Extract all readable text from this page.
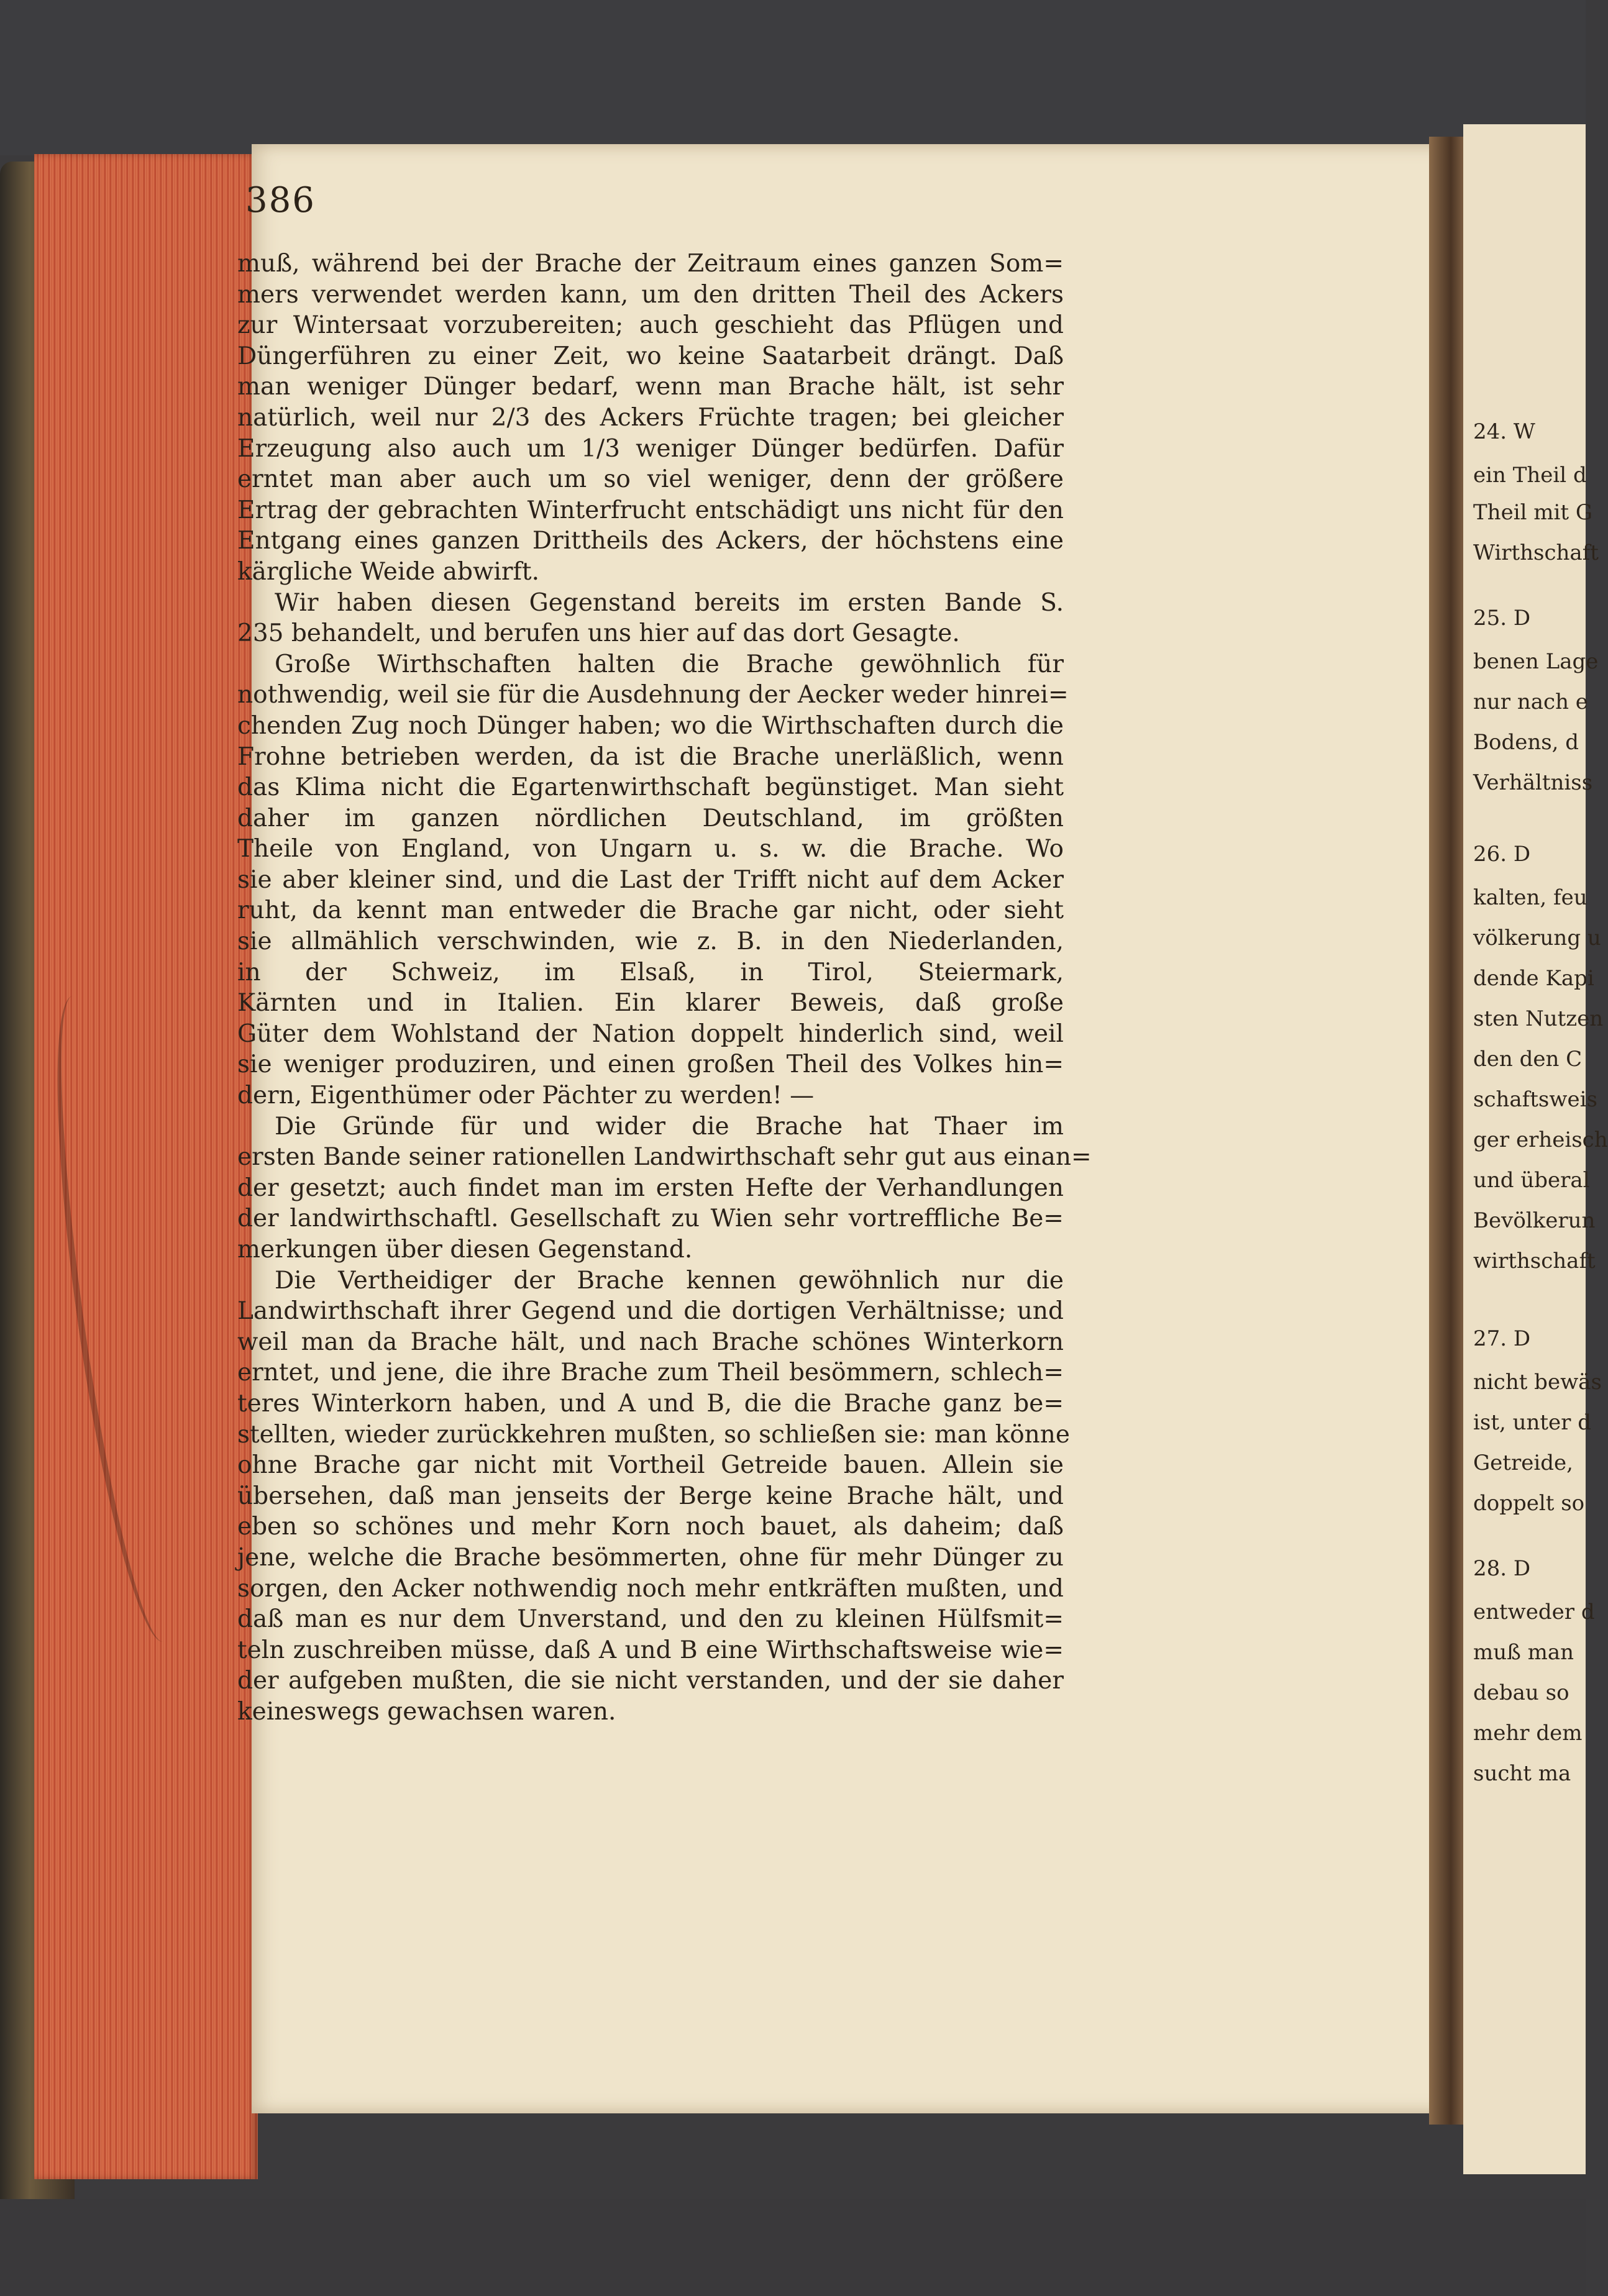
24. W
ein Theil d
Theil mit G
Wirthschaft
25. D
benen Lage
nur nach e
Bodens, d
Verhältniss
26. D
kalten, feu
völkerung u
dende Kapi
sten Nutzen
den den C
schaftsweis
ger erheisch
und überal
Bevölkerun
wirthschaft
27. D
nicht bewäs
ist, unter d
Getreide,
doppelt so
28. D
entweder d
muß man
debau so
mehr dem
sucht ma
386
muß, während bei der Brache der Zeitraum eines ganzen Som=
mers verwendet werden kann, um den dritten Theil des Ackers
zur Wintersaat vorzubereiten; auch geschieht das Pflügen und
Düngerführen zu einer Zeit, wo keine Saatarbeit drängt. Daß
man weniger Dünger bedarf, wenn man Brache hält, ist sehr
natürlich, weil nur 2/3 des Ackers Früchte tragen; bei gleicher
Erzeugung also auch um 1/3 weniger Dünger bedürfen. Dafür
erntet man aber auch um so viel weniger, denn der größere
Ertrag der gebrachten Winterfrucht entschädigt uns nicht für den
Entgang eines ganzen Drittheils des Ackers, der höchstens eine
kärgliche Weide abwirft.
Wir haben diesen Gegenstand bereits im ersten Bande S.
235 behandelt, und berufen uns hier auf das dort Gesagte.
Große Wirthschaften halten die Brache gewöhnlich für
nothwendig, weil sie für die Ausdehnung der Aecker weder hinrei=
chenden Zug noch Dünger haben; wo die Wirthschaften durch die
Frohne betrieben werden, da ist die Brache unerläßlich, wenn
das Klima nicht die Egartenwirthschaft begünstiget. Man sieht
daher im ganzen nördlichen Deutschland, im größten
Theile von England, von Ungarn u. s. w. die Brache. Wo
sie aber kleiner sind, und die Last der Trifft nicht auf dem Acker
ruht, da kennt man entweder die Brache gar nicht, oder sieht
sie allmählich verschwinden, wie z. B. in den Niederlanden,
in der Schweiz, im Elsaß, in Tirol, Steiermark,
Kärnten und in Italien. Ein klarer Beweis, daß große
Güter dem Wohlstand der Nation doppelt hinderlich sind, weil
sie weniger produziren, und einen großen Theil des Volkes hin=
dern, Eigenthümer oder Pächter zu werden! —
Die Gründe für und wider die Brache hat Thaer im
ersten Bande seiner rationellen Landwirthschaft sehr gut aus einan=
der gesetzt; auch findet man im ersten Hefte der Verhandlungen
der landwirthschaftl. Gesellschaft zu Wien sehr vortreffliche Be=
merkungen über diesen Gegenstand.
Die Vertheidiger der Brache kennen gewöhnlich nur die
Landwirthschaft ihrer Gegend und die dortigen Verhältnisse; und
weil man da Brache hält, und nach Brache schönes Winterkorn
erntet, und jene, die ihre Brache zum Theil besömmern, schlech=
teres Winterkorn haben, und A und B, die die Brache ganz be=
stellten, wieder zurückkehren mußten, so schließen sie: man könne
ohne Brache gar nicht mit Vortheil Getreide bauen. Allein sie
übersehen, daß man jenseits der Berge keine Brache hält, und
eben so schönes und mehr Korn noch bauet, als daheim; daß
jene, welche die Brache besömmerten, ohne für mehr Dünger zu
sorgen, den Acker nothwendig noch mehr entkräften mußten, und
daß man es nur dem Unverstand, und den zu kleinen Hülfsmit=
teln zuschreiben müsse, daß A und B eine Wirthschaftsweise wie=
der aufgeben mußten, die sie nicht verstanden, und der sie daher
keineswegs gewachsen waren.
